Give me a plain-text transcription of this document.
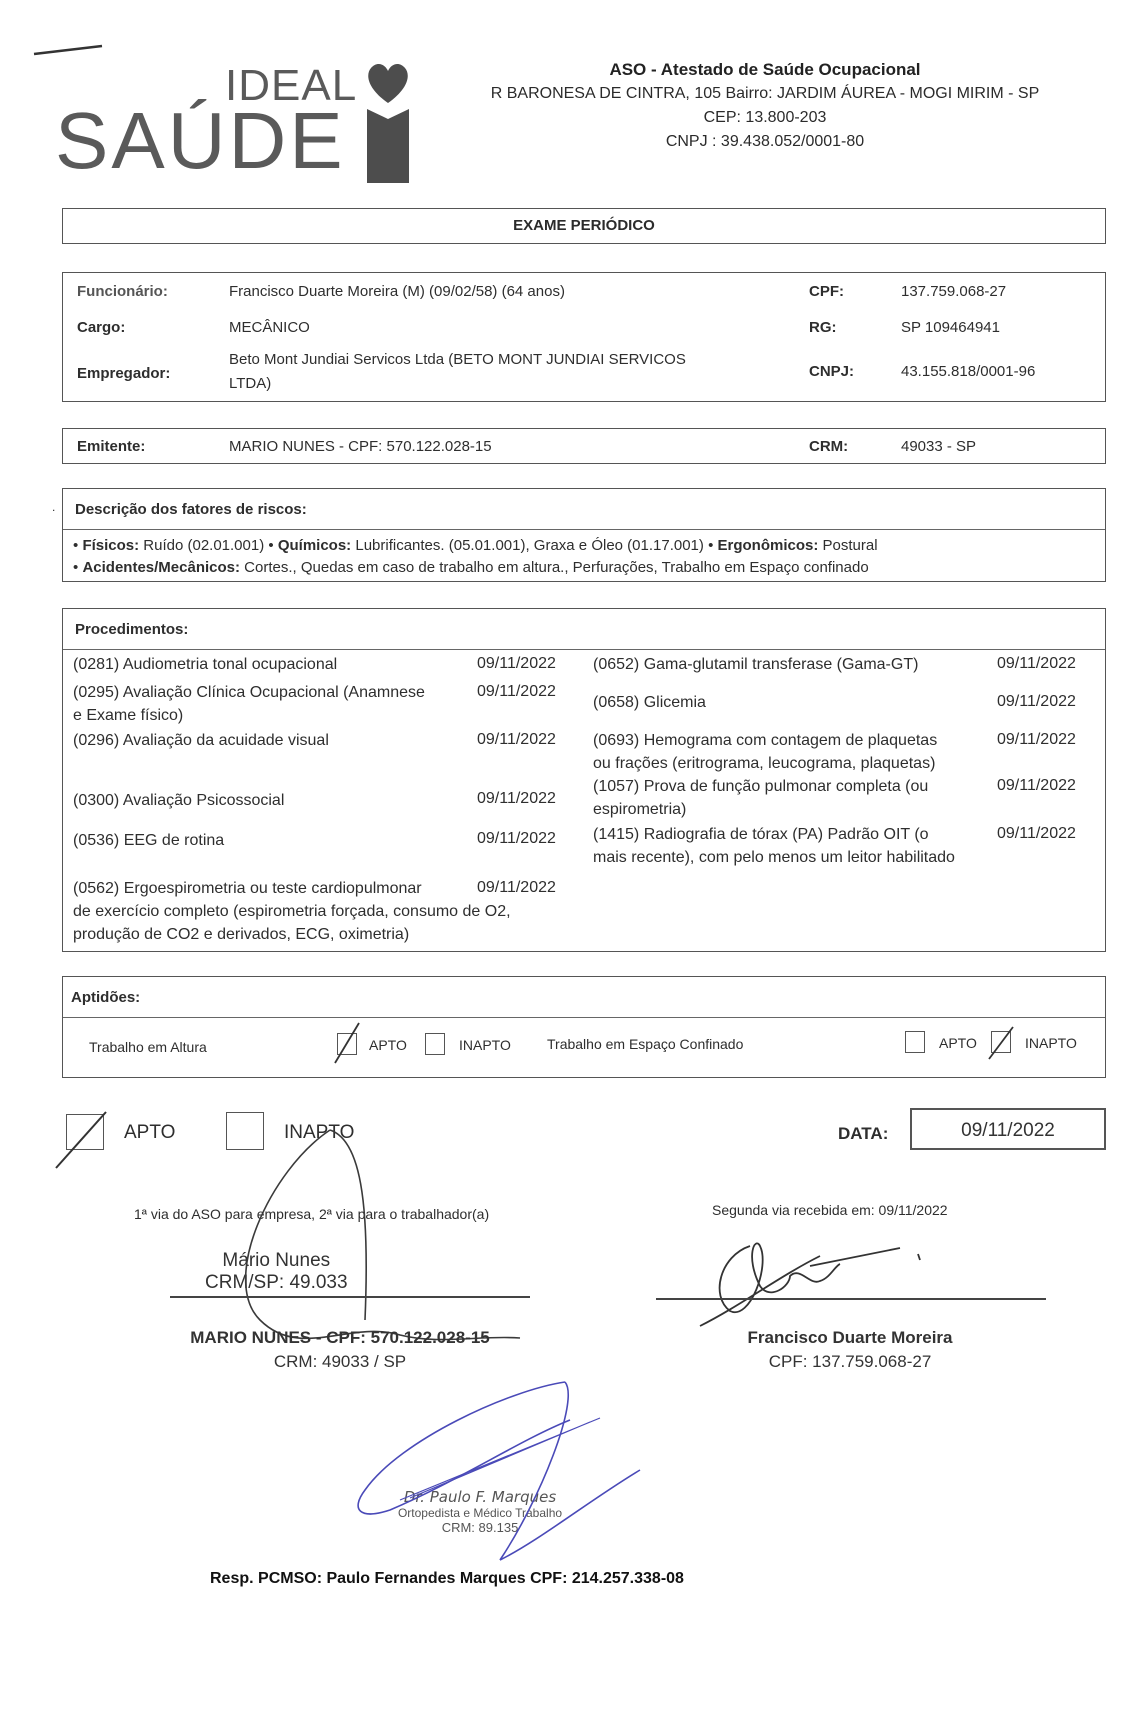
IDEAL
SAÚDE
ASO - Atestado de Saúde Ocupacional
R BARONESA DE CINTRA, 105 Bairro: JARDIM ÁUREA - MOGI MIRIM - SP
CEP: 13.800-203
CNPJ : 39.438.052/0001-80
EXAME PERIÓDICO
Funcionário:	Francisco Duarte Moreira (M) (09/02/58) (64 anos)	CPF:	137.759.068-27
Cargo:	MECÂNICO	RG:	SP 109464941
Empregador:
Beto Mont Jundiai Servicos Ltda (BETO MONT JUNDIAI SERVICOS
LTDA)
CNPJ:	43.155.818/0001-96
Emitente:	MARIO NUNES - CPF: 570.122.028-15	CRM:	49033 - SP
. Descrição dos fatores de riscos:
• Físicos: Ruído (02.01.001) • Químicos: Lubrificantes. (05.01.001), Graxa e Óleo (01.17.001) • Ergonômicos: Postural
• Acidentes/Mecânicos: Cortes., Quedas em caso de trabalho em altura., Perfurações, Trabalho em Espaço confinado
Procedimentos:
(0281) Audiometria tonal ocupacional	09/11/2022
(0295) Avaliação Clínica Ocupacional (Anamnese
e Exame físico)
09/11/2022
(0296) Avaliação da acuidade visual	09/11/2022
(0300) Avaliação Psicossocial	09/11/2022
(0536) EEG de rotina	09/11/2022
(0562) Ergoespirometria ou teste cardiopulmonar
de exercício completo (espirometria forçada, consumo de O2,
produção de CO2 e derivados, ECG, oximetria)
09/11/2022
(0652) Gama-glutamil transferase (Gama-GT)	09/11/2022
(0658) Glicemia	09/11/2022
(0693) Hemograma com contagem de plaquetas
ou frações (eritrograma, leucograma, plaquetas)
09/11/2022
(1057) Prova de função pulmonar completa (ou
espirometria)
09/11/2022
(1415) Radiografia de tórax (PA) Padrão OIT (o
mais recente), com pelo menos um leitor habilitado
09/11/2022
Aptidões:
Trabalho em Altura	APTO	INAPTO	Trabalho em Espaço Confinado	APTO	INAPTO
APTO	INAPTO	DATA:	09/11/2022
1ª via do ASO para empresa, 2ª via para o trabalhador(a)	Segunda via recebida em: 09/11/2022
Mário Nunes
CRM/SP: 49.033
MARIO NUNES - CPF: 570.122.028-15
CRM: 49033 / SP
Francisco Duarte Moreira
CPF: 137.759.068-27
Dr. Paulo F. Marques
Ortopedista e Médico Trabalho
CRM: 89.135
Resp. PCMSO: Paulo Fernandes Marques CPF: 214.257.338-08
